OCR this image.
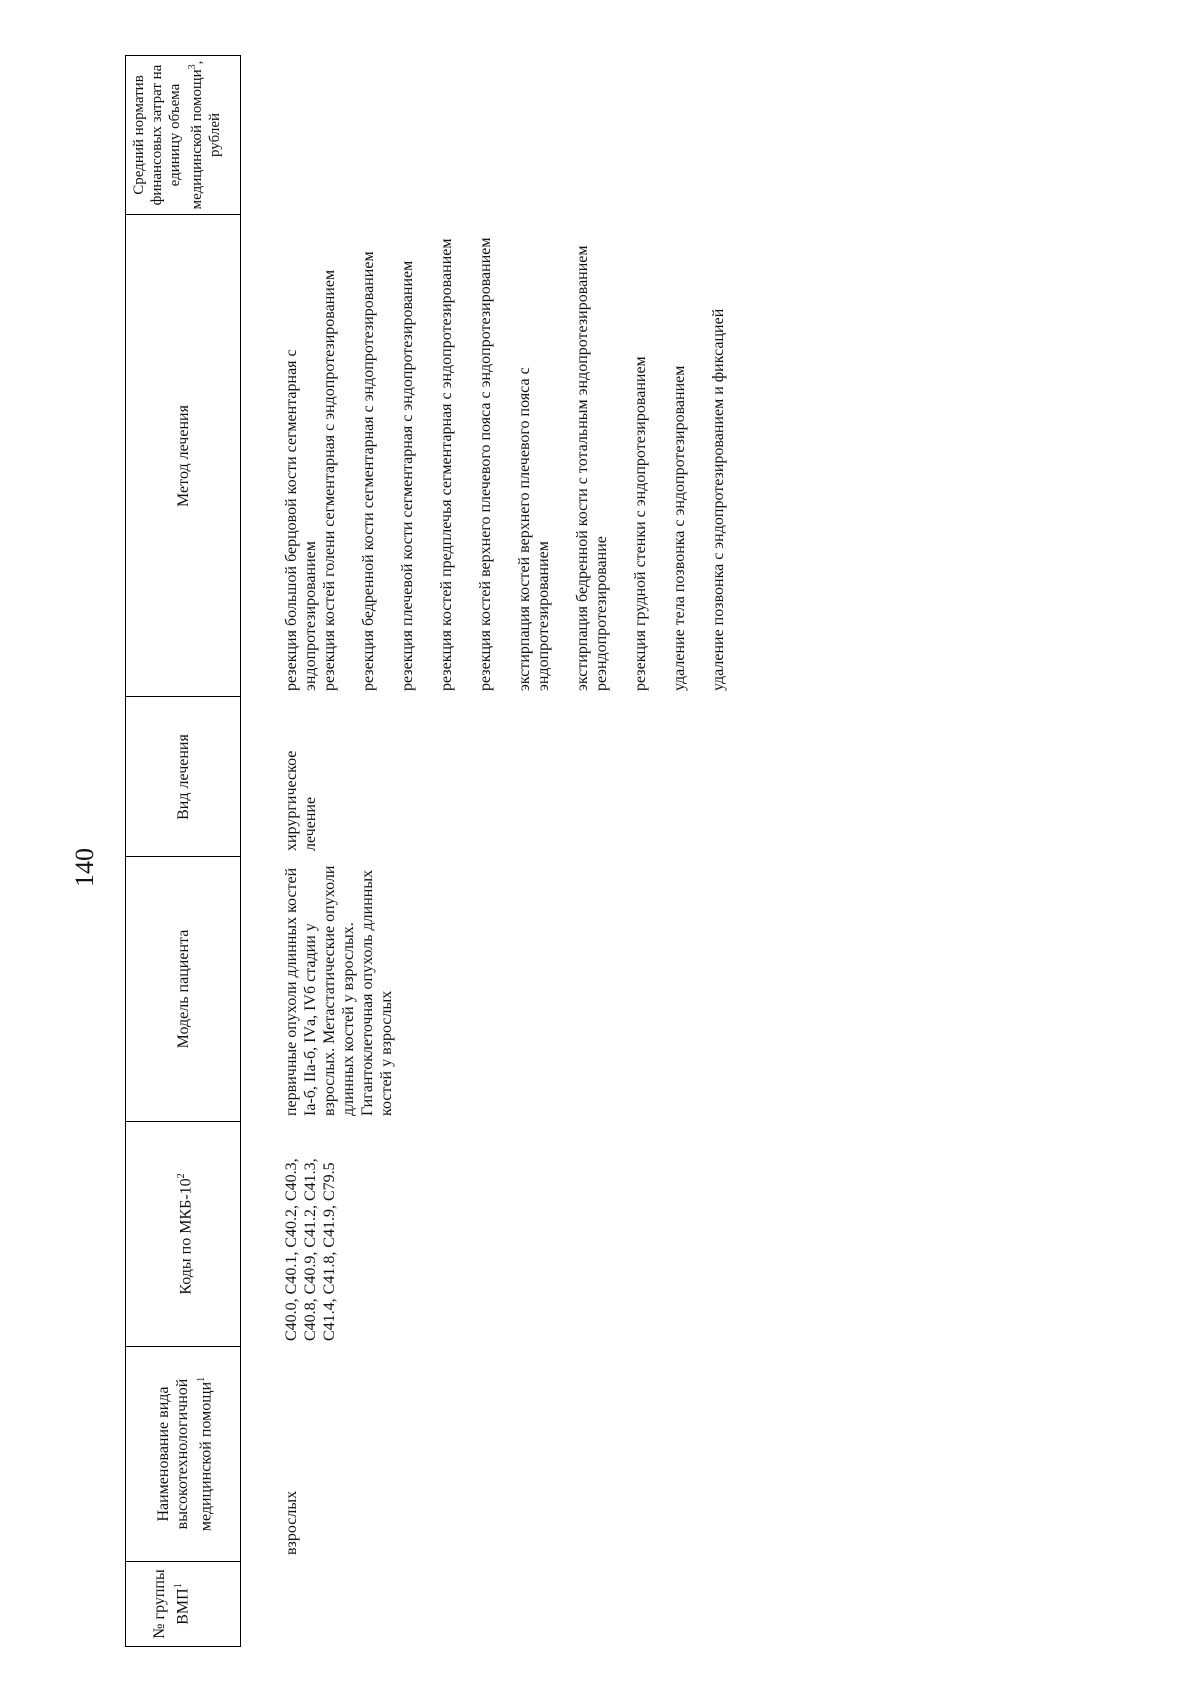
140
№ группы ВМП$^1$
Наименование вида высокотехнологичной медицинской помощи$^1$
Коды по МКБ-$10^2$
Модель пациента
Вид лечения
Метод лечения
Средний норматив финансовых затрат на единицу объема медицинской помощи$^3$, рублей
взрослых
C40.0, C40.1, C40.2, C40.3, C40.8, C40.9, C41.2, C41.3, C41.4, C41.8, C41.9, C79.5
первичные опухоли длинных костей Iа-б, IIа-б, IVа, IVб стадии у взрослых. Метастатические опухоли длинных костей у взрослых. Гигантоклеточная опухоль длинных костей у взрослых
хирургическое лечение
резекция большой берцовой кости сегментарная с эндопротезированием резекция костей голени сегментарная с эндопротезированием резекция бедренной кости сегментарная с эндопротезированием резекция плечевой кости сегментарная с эндопротезированием резекция костей предплечья сегментарная с эндопротезированием резекция костей верхнего плечевого пояса с эндопротезированием экстирпация костей верхнего плечевого пояса с эндопротезированием экстирпация бедренной кости с тотальным эндопротезированием реэндопротезирование резекция грудной стенки с эндопротезированием удаление тела позвонка с эндопротезированием удаление позвонка с эндопротезированием и фиксацией
